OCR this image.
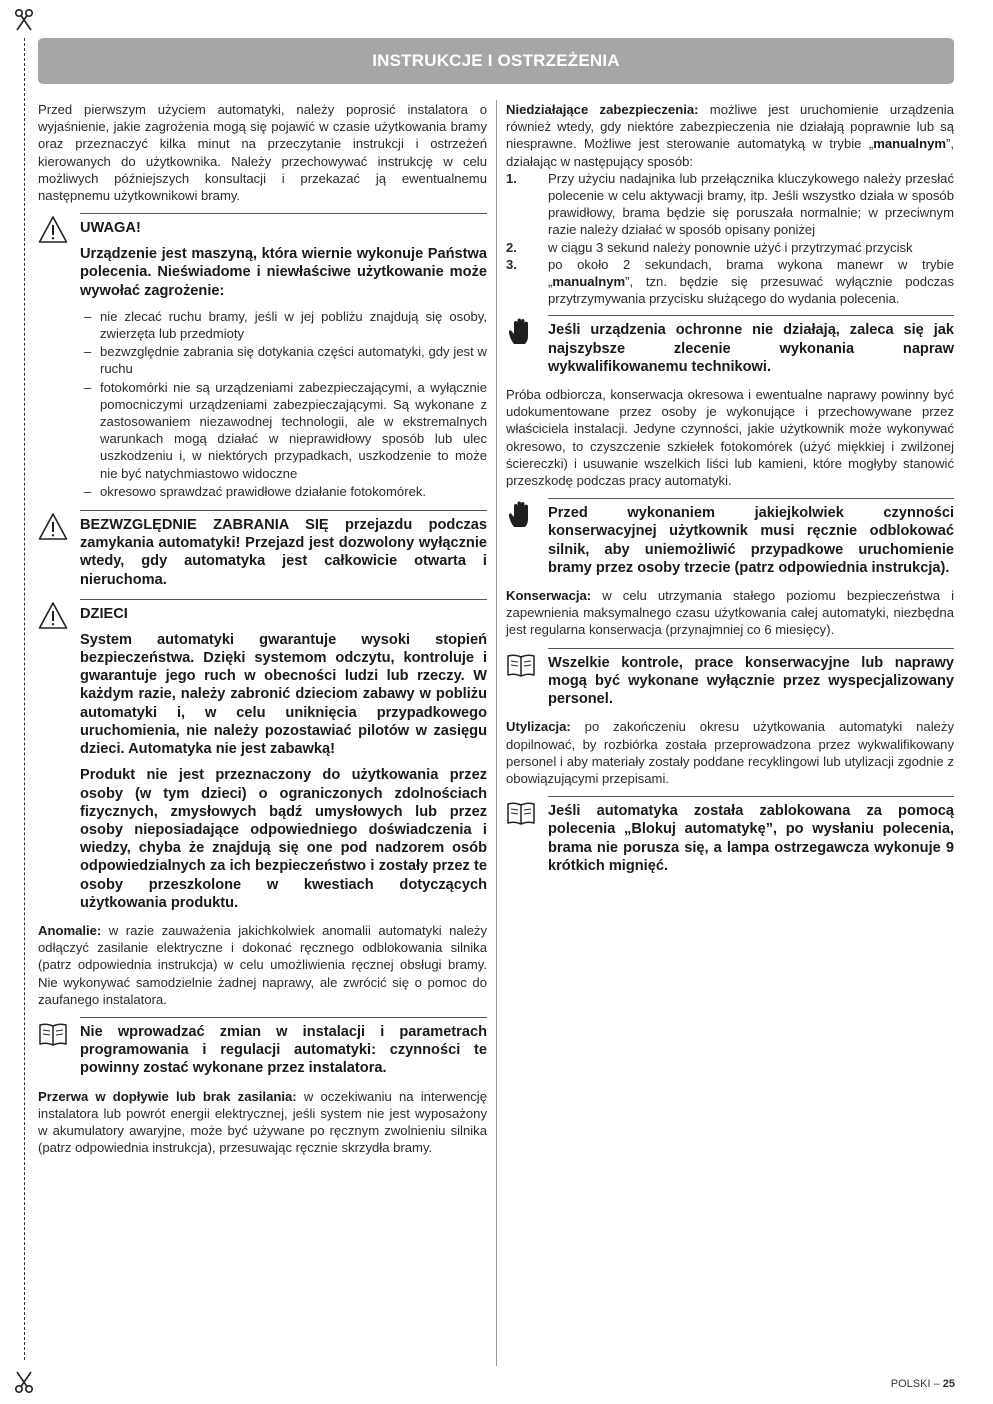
INSTRUKCJE I OSTRZEŻENIA

Przed pierwszym użyciem automatyki, należy poprosić instalatora o wyjaśnienie, jakie zagrożenia mogą się pojawić w czasie użytkowania bramy oraz przeznaczyć kilka minut na przeczytanie instrukcji i ostrzeżeń kierowanych do użytkownika. Należy przechowywać instrukcję w celu możliwych późniejszych konsultacji i przekazać ją ewentualnemu następnemu użytkownikowi bramy.

UWAGA!
Urządzenie jest maszyną, która wiernie wykonuje Państwa polecenia. Nieświadome i niewłaściwe użytkowanie może wywołać zagrożenie:
– nie zlecać ruchu bramy, jeśli w jej pobliżu znajdują się osoby, zwierzęta lub przedmioty
– bezwzględnie zabrania się dotykania części automatyki, gdy jest w ruchu
– fotokomórki nie są urządzeniami zabezpieczającymi, a wyłącznie pomocniczymi urządzeniami zabezpieczającymi. Są wykonane z zastosowaniem niezawodnej technologii, ale w ekstremalnych warunkach mogą działać w nieprawidłowy sposób lub ulec uszkodzeniu i, w niektórych przypadkach, uszkodzenie to może nie być natychmiastowo widoczne
– okresowo sprawdzać prawidłowe działanie fotokomórek.
BEZWZGLĘDNIE ZABRANIA SIĘ przejazdu podczas zamykania automatyki! Przejazd jest dozwolony wyłącznie wtedy, gdy automatyka jest całkowicie otwarta i nieruchoma.
DZIECI
System automatyki gwarantuje wysoki stopień bezpieczeństwa. Dzięki systemom odczytu, kontroluje i gwarantuje jego ruch w obecności ludzi lub rzeczy. W każdym razie, należy zabronić dzieciom zabawy w pobliżu automatyki i, w celu uniknięcia przypadkowego uruchomienia, nie należy pozostawiać pilotów w zasięgu dzieci. Automatyka nie jest zabawką!
Produkt nie jest przeznaczony do użytkowania przez osoby (w tym dzieci) o ograniczonych zdolnościach fizycznych, zmysłowych bądź umysłowych lub przez osoby nieposiadające odpowiedniego doświadczenia i wiedzy, chyba że znajdują się one pod nadzorem osób odpowiedzialnych za ich bezpieczeństwo i zostały przez te osoby przeszkolone w kwestiach dotyczących użytkowania produktu.

Anomalie: w razie zauważenia jakichkolwiek anomalii automatyki należy odłączyć zasilanie elektryczne i dokonać ręcznego odblokowania silnika (patrz odpowiednia instrukcja) w celu umożliwienia ręcznej obsługi bramy. Nie wykonywać samodzielnie żadnej naprawy, ale zwrócić się o pomoc do zaufanego instalatora.

Nie wprowadzać zmian w instalacji i parametrach programowania i regulacji automatyki: czynności te powinny zostać wykonane przez instalatora.

Przerwa w dopływie lub brak zasilania: w oczekiwaniu na interwencję instalatora lub powrót energii elektrycznej, jeśli system nie jest wyposażony w akumulatory awaryjne, może być używane po ręcznym zwolnieniu silnika (patrz odpowiednia instrukcja), przesuwając ręcznie skrzydła bramy.

Niedziałające zabezpieczenia: możliwe jest uruchomienie urządzenia również wtedy, gdy niektóre zabezpieczenia nie działają poprawnie lub są niesprawne. Możliwe jest sterowanie automatyką w trybie „manualnym”, działając w następujący sposób:

1. Przy użyciu nadajnika lub przełącznika kluczykowego należy przesłać polecenie w celu aktywacji bramy, itp. Jeśli wszystko działa w sposób prawidłowy, brama będzie się poruszała normalnie; w przeciwnym razie należy działać w sposób opisany poniżej
2. w ciągu 3 sekund należy ponownie użyć i przytrzymać przycisk
3. po około 2 sekundach, brama wykona manewr w trybie „manualnym”, tzn. będzie się przesuwać wyłącznie podczas przytrzymywania przycisku służącego do wydania polecenia.
Jeśli urządzenia ochronne nie działają, zaleca się jak najszybsze zlecenie wykonania napraw wykwalifikowanemu technikowi.

Próba odbiorcza, konserwacja okresowa i ewentualne naprawy powinny być udokumentowane przez osoby je wykonujące i przechowywane przez właściciela instalacji. Jedyne czynności, jakie użytkownik może wykonywać okresowo, to czyszczenie szkiełek fotokomórek (użyć miękkiej i zwilżonej ściereczki) i usuwanie wszelkich liści lub kamieni, które mogłyby stanowić przeszkodę podczas pracy automatyki.

Przed wykonaniem jakiejkolwiek czynności konserwacyjnej użytkownik musi ręcznie odblokować silnik, aby uniemożliwić przypadkowe uruchomienie bramy przez osoby trzecie (patrz odpowiednia instrukcja).

Konserwacja: w celu utrzymania stałego poziomu bezpieczeństwa i zapewnienia maksymalnego czasu użytkowania całej automatyki, niezbędna jest regularna konserwacja (przynajmniej co 6 miesięcy).

Wszelkie kontrole, prace konserwacyjne lub naprawy mogą być wykonane wyłącznie przez wyspecjalizowany personel.

Utylizacja: po zakończeniu okresu użytkowania automatyki należy dopilnować, by rozbiórka została przeprowadzona przez wykwalifikowany personel i aby materiały zostały poddane recyklingowi lub utylizacji zgodnie z obowiązującymi przepisami.

Jeśli automatyka została zablokowana za pomocą polecenia „Blokuj automatykę”, po wysłaniu polecenia, brama nie porusza się, a lampa ostrzegawcza wykonuje 9 krótkich mignięć.
POLSKI – 25
